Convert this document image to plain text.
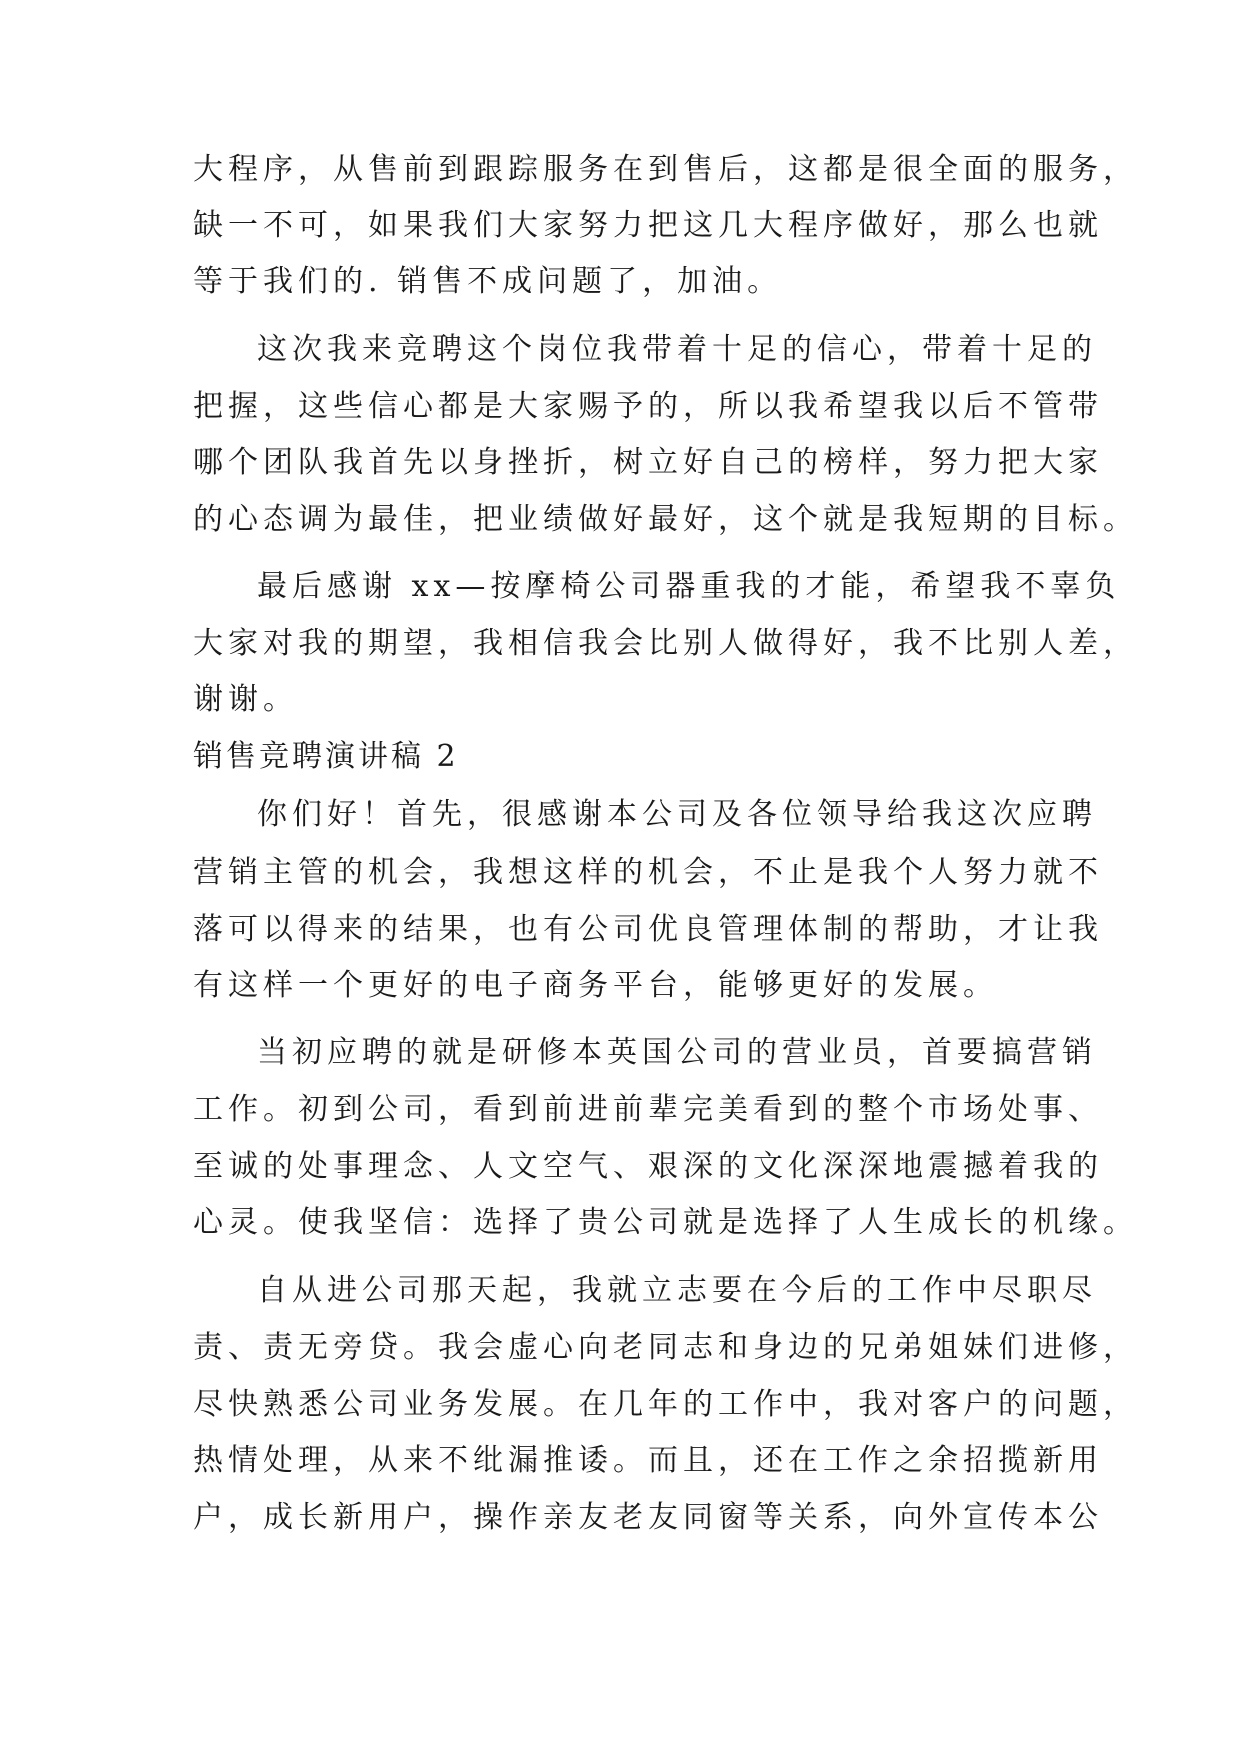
大程序，从售前到跟踪服务在到售后，这都是很全面的服务，
缺一不可，如果我们大家努力把这几大程序做好，那么也就
等于我们的. 销售不成问题了，加油。
这次我来竞聘这个岗位我带着十足的信心，带着十足的
把握，这些信心都是大家赐予的，所以我希望我以后不管带
哪个团队我首先以身挫折，树立好自己的榜样，努力把大家
的心态调为最佳，把业绩做好最好，这个就是我短期的目标。
最后感谢 xx—按摩椅公司器重我的才能，希望我不辜负
大家对我的期望，我相信我会比别人做得好，我不比别人差，
谢谢。
销售竞聘演讲稿 2
你们好！首先，很感谢本公司及各位领导给我这次应聘
营销主管的机会，我想这样的机会，不止是我个人努力就不
落可以得来的结果，也有公司优良管理体制的帮助，才让我
有这样一个更好的电子商务平台，能够更好的发展。
当初应聘的就是研修本英国公司的营业员，首要搞营销
工作。初到公司，看到前进前辈完美看到的整个市场处事、
至诚的处事理念、人文空气、艰深的文化深深地震撼着我的
心灵。使我坚信：选择了贵公司就是选择了人生成长的机缘。
自从进公司那天起，我就立志要在今后的工作中尽职尽
责、责无旁贷。我会虚心向老同志和身边的兄弟姐妹们进修，
尽快熟悉公司业务发展。在几年的工作中，我对客户的问题，
热情处理，从来不纰漏推诿。而且，还在工作之余招揽新用
户，成长新用户，操作亲友老友同窗等关系，向外宣传本公
